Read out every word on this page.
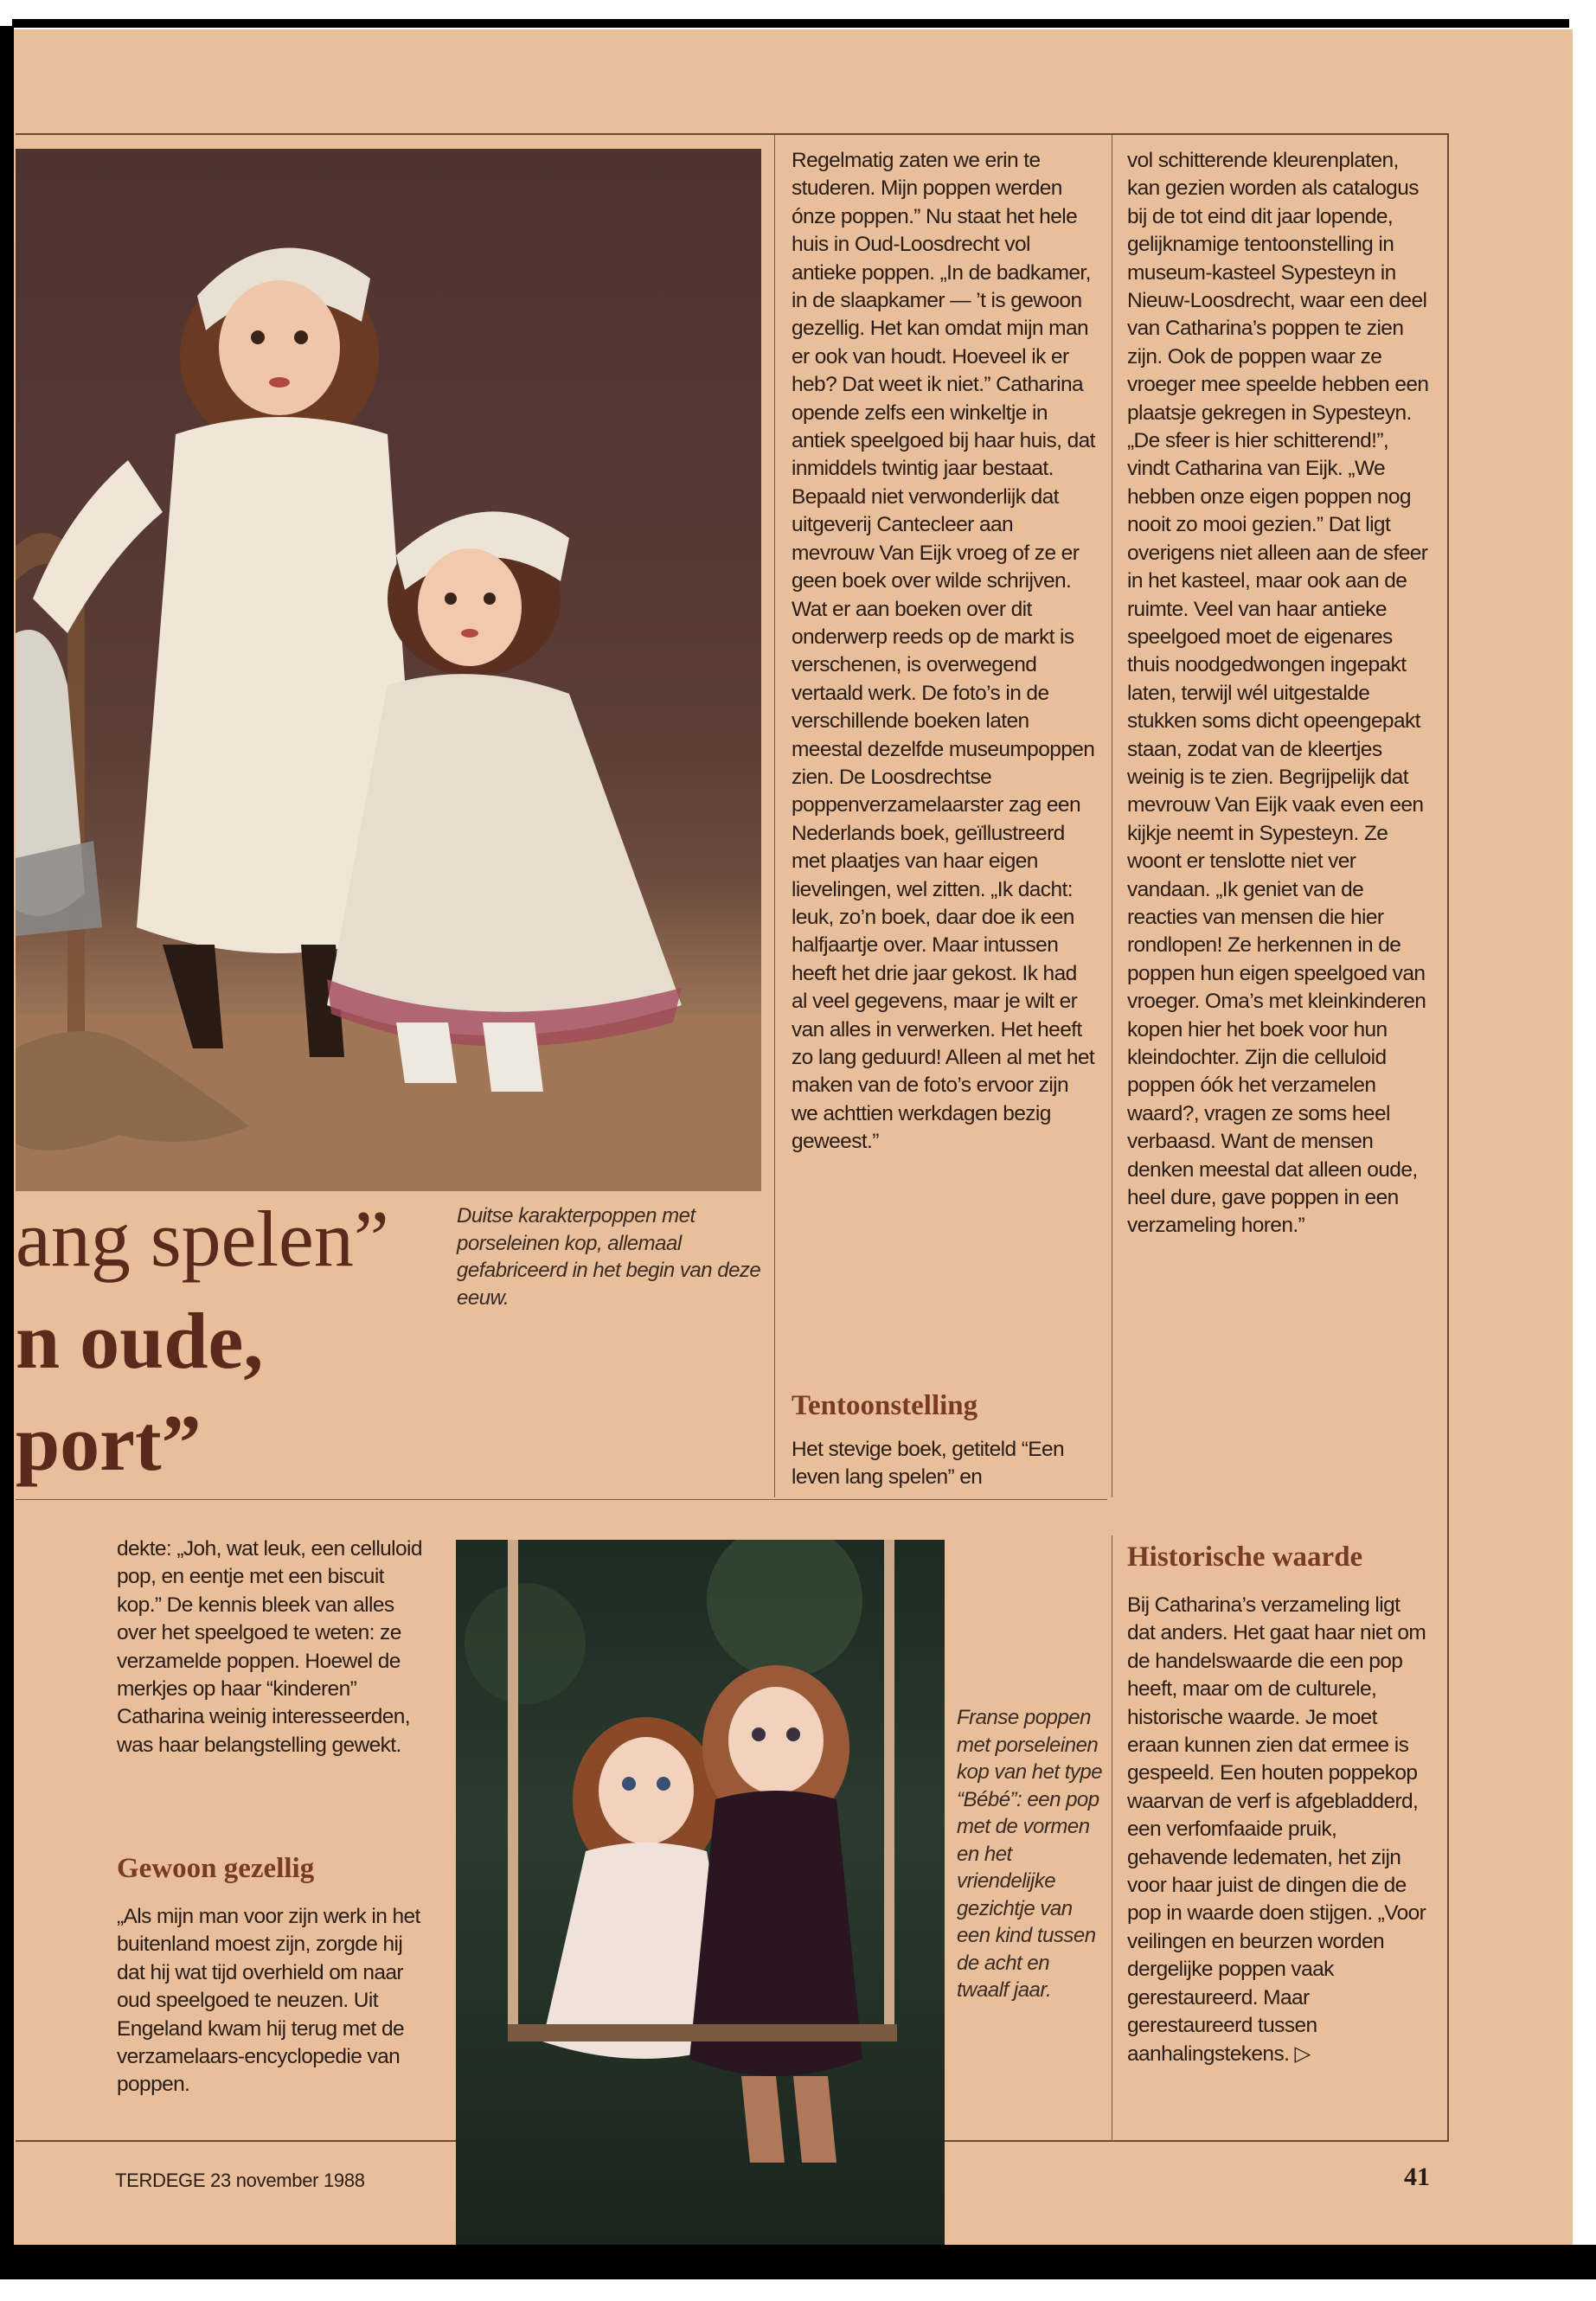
Duitse karakterpoppen met porseleinen kop, allemaal gefabriceerd in het begin van deze eeuw.
ang spelen”
n oude,
port”

Regelmatig zaten we erin te studeren. Mijn poppen werden ónze poppen.” Nu staat het hele huis in Oud-Loosdrecht vol antieke poppen. „In de badkamer, in de slaapkamer — ’t is gewoon gezellig. Het kan omdat mijn man er ook van houdt. Hoeveel ik er heb? Dat weet ik niet.” Catharina opende zelfs een winkeltje in antiek speelgoed bij haar huis, dat inmiddels twintig jaar bestaat. Bepaald niet verwonderlijk dat uitgeverij Cantecleer aan mevrouw Van Eijk vroeg of ze er geen boek over wilde schrijven. Wat er aan boeken over dit onderwerp reeds op de markt is verschenen, is overwegend vertaald werk. De foto’s in de verschillende boeken laten meestal dezelfde museumpoppen zien. De Loosdrechtse poppenverzamelaarster zag een Nederlands boek, geïllustreerd met plaatjes van haar eigen lievelingen, wel zitten. „Ik dacht: leuk, zo’n boek, daar doe ik een halfjaartje over. Maar intussen heeft het drie jaar gekost. Ik had al veel gegevens, maar je wilt er van alles in verwerken. Het heeft zo lang geduurd! Alleen al met het maken van de foto’s ervoor zijn we achttien werkdagen bezig geweest.”

Tentoonstelling

Het stevige boek, getiteld “Een leven lang spelen” en

vol schitterende kleurenplaten, kan gezien worden als catalogus bij de tot eind dit jaar lopende, gelijknamige tentoonstelling in museum-kasteel Sypesteyn in Nieuw-Loosdrecht, waar een deel van Catharina’s poppen te zien zijn. Ook de poppen waar ze vroeger mee speelde hebben een plaatsje gekregen in Sypesteyn. „De sfeer is hier schitterend!”, vindt Catharina van Eijk. „We hebben onze eigen poppen nog nooit zo mooi gezien.” Dat ligt overigens niet alleen aan de sfeer in het kasteel, maar ook aan de ruimte. Veel van haar antieke speelgoed moet de eigenares thuis noodgedwongen ingepakt laten, terwijl wél uitgestalde stukken soms dicht opeengepakt staan, zodat van de kleertjes weinig is te zien. Begrijpelijk dat mevrouw Van Eijk vaak even een kijkje neemt in Sypesteyn. Ze woont er tenslotte niet ver vandaan. „Ik geniet van de reacties van mensen die hier rondlopen! Ze herkennen in de poppen hun eigen speelgoed van vroeger. Oma’s met kleinkinderen kopen hier het boek voor hun kleindochter. Zijn die celluloid poppen óók het verzamelen waard?, vragen ze soms heel verbaasd. Want de mensen denken meestal dat alleen oude, heel dure, gave poppen in een verzameling horen.”

dekte: „Joh, wat leuk, een celluloid pop, en eentje met een biscuit kop.” De kennis bleek van alles over het speelgoed te weten: ze verzamelde poppen. Hoewel de merkjes op haar “kinderen” Catharina weinig interesseerden, was haar belangstelling gewekt.

Gewoon gezellig

„Als mijn man voor zijn werk in het buitenland moest zijn, zorgde hij dat hij wat tijd overhield om naar oud speelgoed te neuzen. Uit Engeland kwam hij terug met de verzamelaars-encyclopedie van poppen.

Franse poppen met porseleinen kop van het type “Bébé”: een pop met de vormen en het vriendelijke gezichtje van een kind tussen de acht en twaalf jaar.
Historische waarde

Bij Catharina’s verzameling ligt dat anders. Het gaat haar niet om de handelswaarde die een pop heeft, maar om de culturele, historische waarde. Je moet eraan kunnen zien dat ermee is gespeeld. Een houten poppekop waarvan de verf is afgebladderd, een verfomfaaide pruik, gehavende ledematen, het zijn voor haar juist de dingen die de pop in waarde doen stijgen. „Voor veilingen en beurzen worden dergelijke poppen vaak gerestaureerd. Maar gerestaureerd tussen aanhalingstekens. ▷

TERDEGE 23 november 1988	41
